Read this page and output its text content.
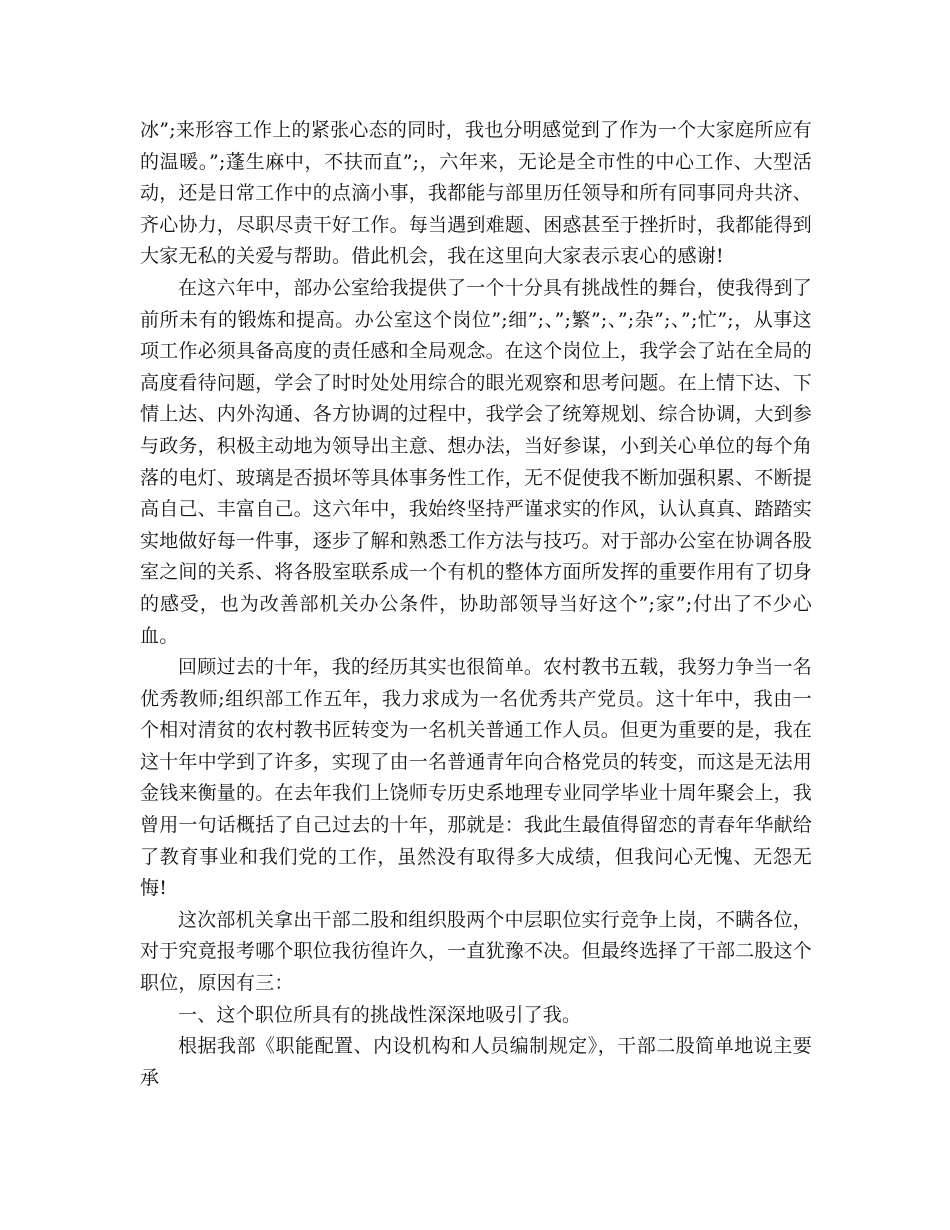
冰”;来形容工作上的紧张心态的同时，我也分明感觉到了作为一个大家庭所应有的温暖。”;蓬生麻中，不扶而直”;，六年来，无论是全市性的中心工作、大型活动，还是日常工作中的点滴小事，我都能与部里历任领导和所有同事同舟共济、齐心协力，尽职尽责干好工作。每当遇到难题、困惑甚至于挫折时，我都能得到大家无私的关爱与帮助。借此机会，我在这里向大家表示衷心的感谢!

在这六年中，部办公室给我提供了一个十分具有挑战性的舞台，使我得到了前所未有的锻炼和提高。办公室这个岗位”;细”;、”;繁”;、”;杂”;、”;忙”;，从事这项工作必须具备高度的责任感和全局观念。在这个岗位上，我学会了站在全局的高度看待问题，学会了时时处处用综合的眼光观察和思考问题。在上情下达、下情上达、内外沟通、各方协调的过程中，我学会了统筹规划、综合协调，大到参与政务，积极主动地为领导出主意、想办法，当好参谋，小到关心单位的每个角落的电灯、玻璃是否损坏等具体事务性工作，无不促使我不断加强积累、不断提高自己、丰富自己。这六年中，我始终坚持严谨求实的作风，认认真真、踏踏实实地做好每一件事，逐步了解和熟悉工作方法与技巧。对于部办公室在协调各股室之间的关系、将各股室联系成一个有机的整体方面所发挥的重要作用有了切身的感受，也为改善部机关办公条件，协助部领导当好这个”;家”;付出了不少心血。

回顾过去的十年，我的经历其实也很简单。农村教书五载，我努力争当一名优秀教师;组织部工作五年，我力求成为一名优秀共产党员。这十年中，我由一个相对清贫的农村教书匠转变为一名机关普通工作人员。但更为重要的是，我在这十年中学到了许多，实现了由一名普通青年向合格党员的转变，而这是无法用金钱来衡量的。在去年我们上饶师专历史系地理专业同学毕业十周年聚会上，我曾用一句话概括了自己过去的十年，那就是：我此生最值得留恋的青春年华献给了教育事业和我们党的工作，虽然没有取得多大成绩，但我问心无愧、无怨无悔!

这次部机关拿出干部二股和组织股两个中层职位实行竞争上岗，不瞒各位，对于究竟报考哪个职位我彷徨许久，一直犹豫不决。但最终选择了干部二股这个职位，原因有三：

一、这个职位所具有的挑战性深深地吸引了我。

根据我部《职能配置、内设机构和人员编制规定》，干部二股简单地说主要承
